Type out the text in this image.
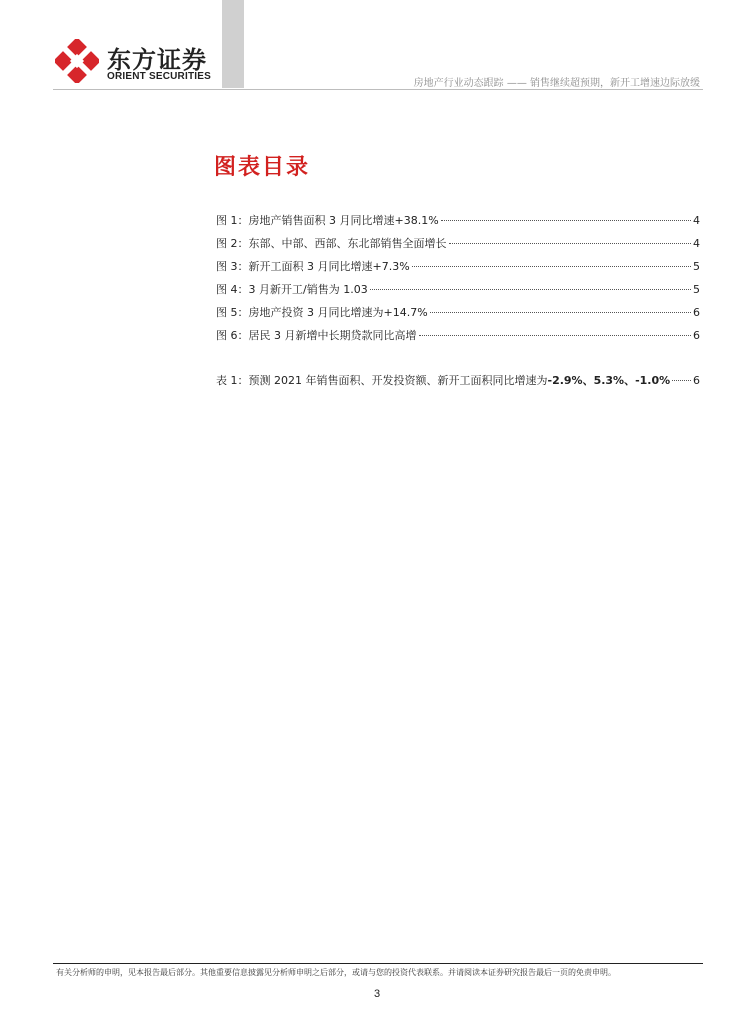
东方证券
ORIENT SECURITIES
房地产行业动态跟踪 —— 销售继续超预期，新开工增速边际放缓
图表目录
图 1： 房地产销售面积 3 月同比增速+38.1%	4
图 2： 东部、中部、西部、东北部销售全面增长	4
图 3： 新开工面积 3 月同比增速+7.3%	5
图 4： 3 月新开工/销售为 1.03	5
图 5： 房地产投资 3 月同比增速为+14.7%	6
图 6： 居民 3 月新增中长期贷款同比高增	6
表 1： 预测 2021 年销售面积、开发投资额、新开工面积同比增速为-2.9%、5.3%、-1.0% 6
有关分析师的申明，见本报告最后部分。其他重要信息披露见分析师申明之后部分，或请与您的投资代表联系。并请阅读本证券研究报告最后一页的免责申明。
3
